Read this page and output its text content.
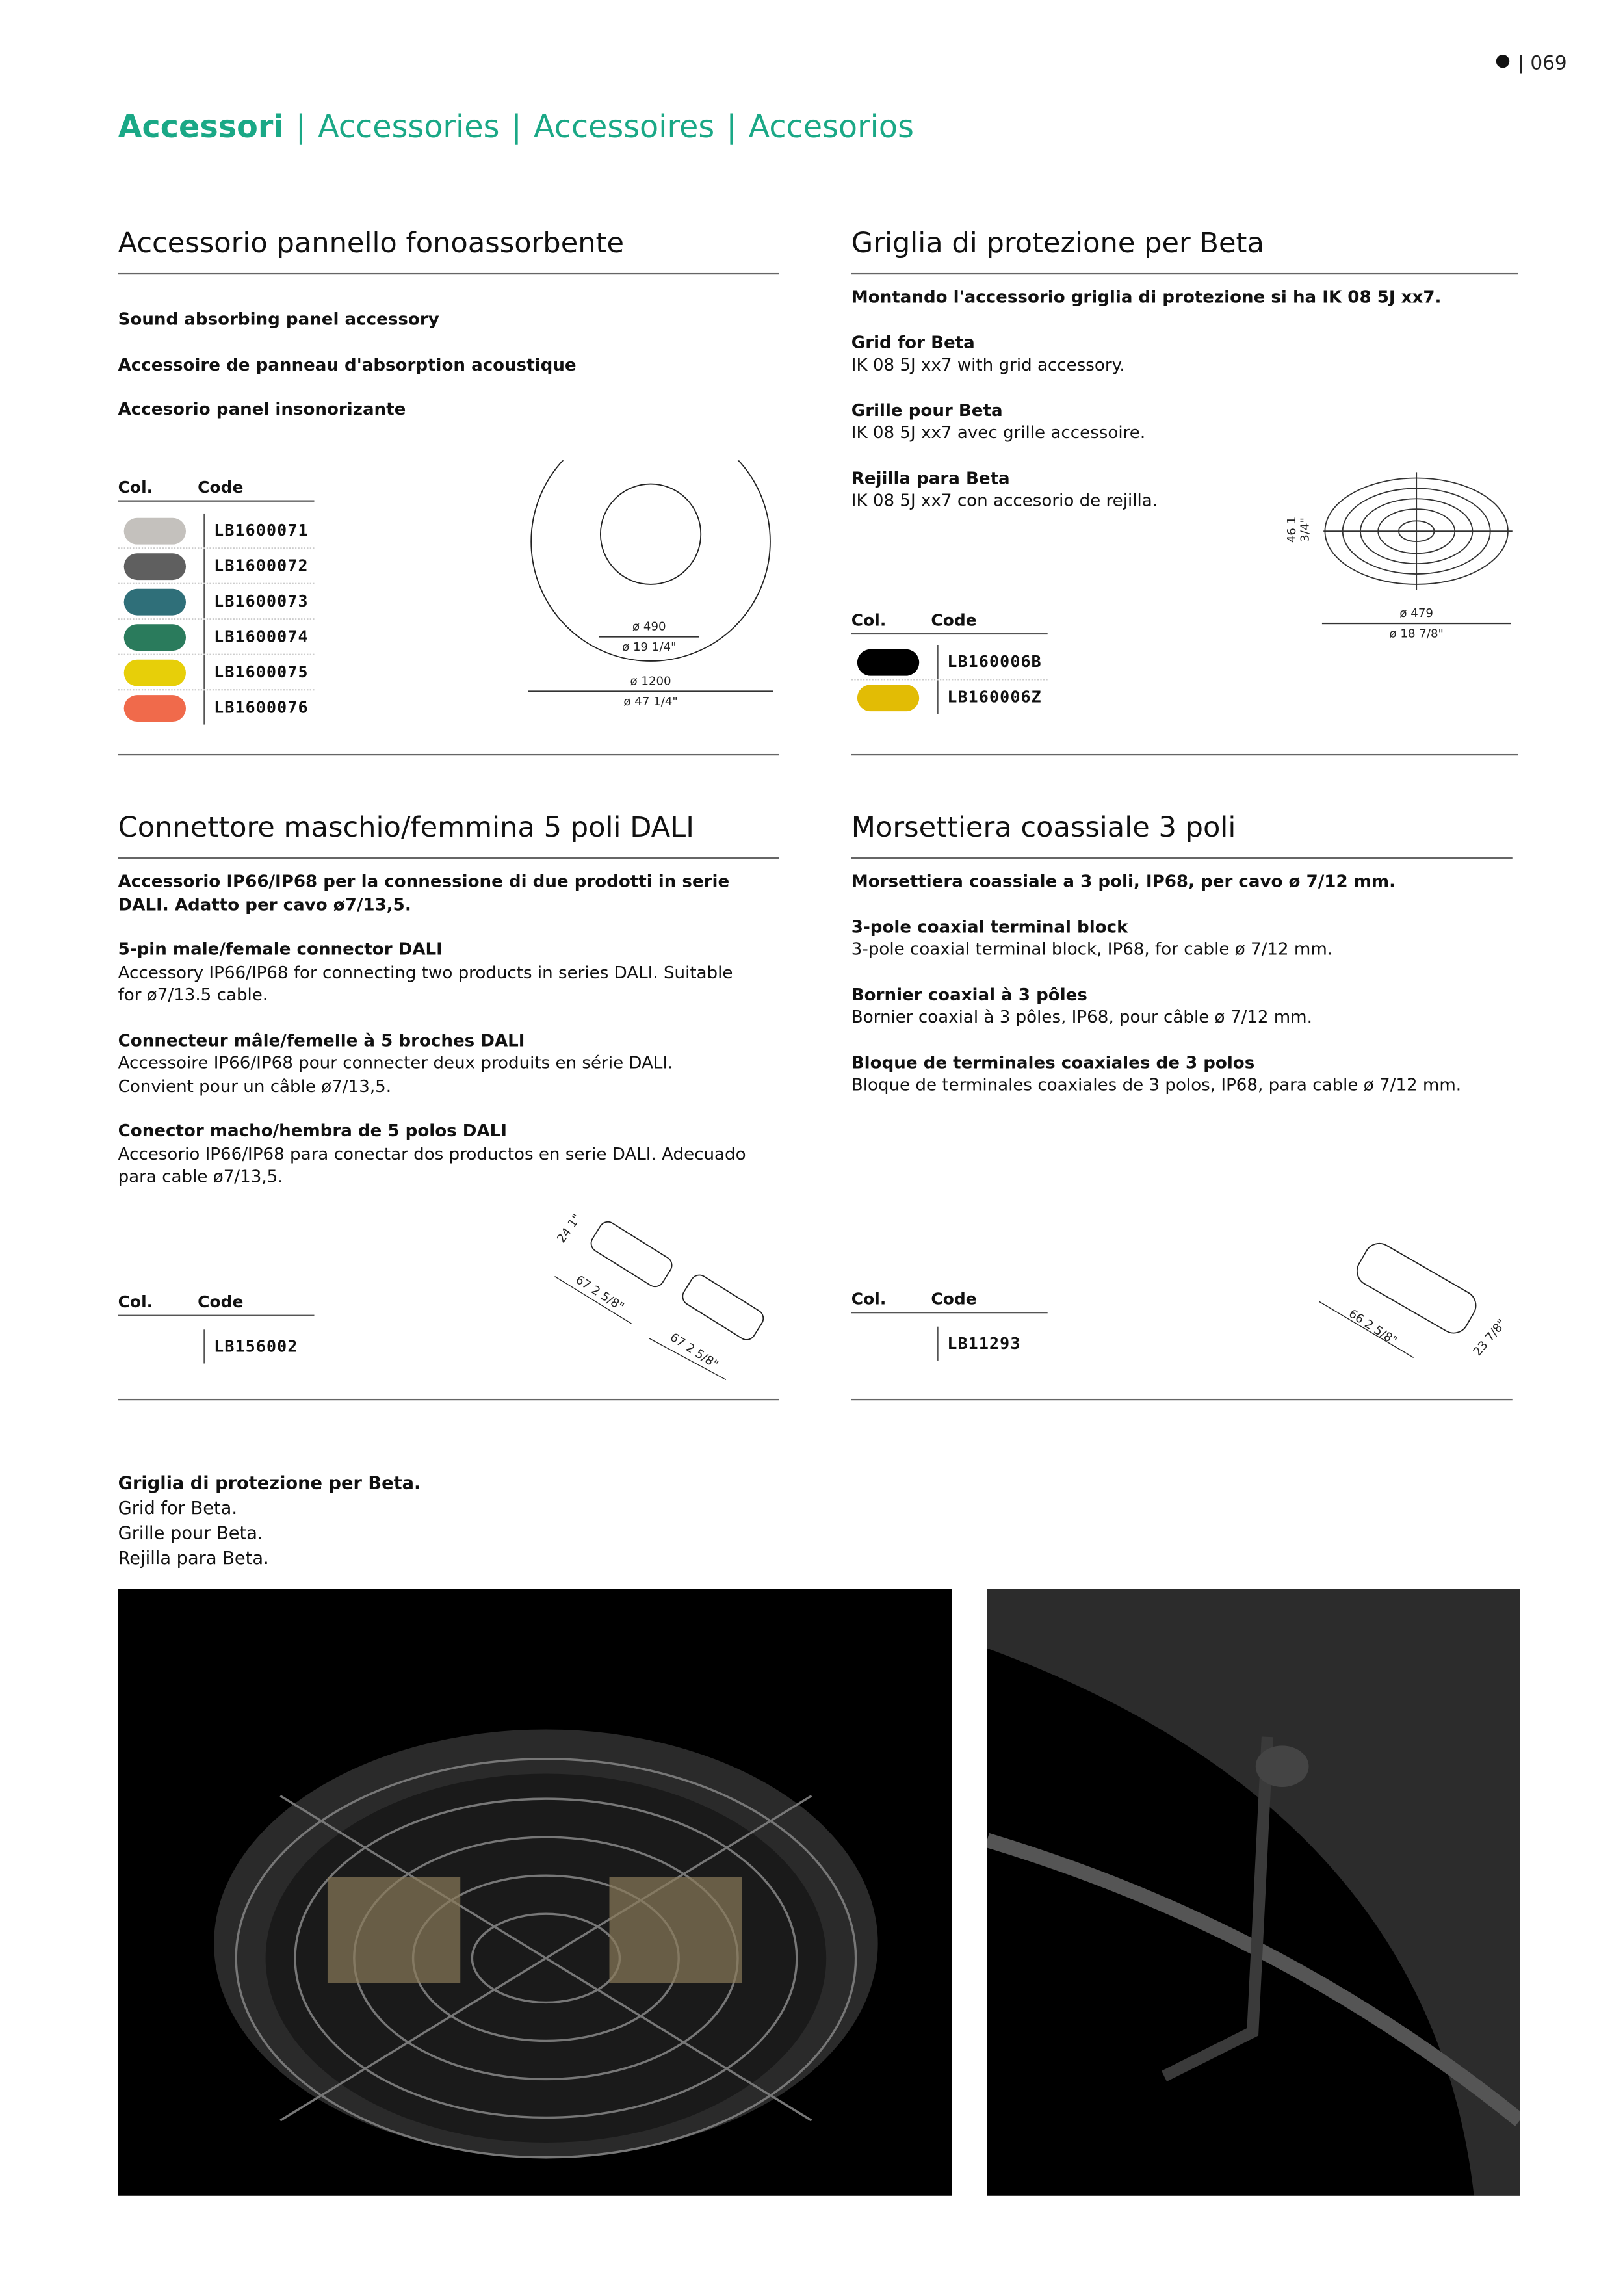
| 069
Accessori | Accessories | Accessoires | Accesorios
Accessorio pannello fonoassorbente

Sound absorbing panel accessory

Accessoire de panneau d'absorption acoustique

Accesorio panel insonorizante

Col.	Code
LB1600071
LB1600072
LB1600073
LB1600074
LB1600075
LB1600076
ø 490
ø 19 1/4"
ø 1200
ø 47 1/4"
Griglia di protezione per Beta

Montando l'accessorio griglia di protezione si ha IK 08 5J xx7.

Grid for Beta
IK 08 5J xx7 with grid accessory.

Grille pour Beta
IK 08 5J xx7 avec grille accessoire.

Rejilla para Beta
IK 08 5J xx7 con accesorio de rejilla.

Col.	Code
LB160006B
LB160006Z
46 1 3/4"
ø 479
ø 18 7/8"
Connettore maschio/femmina 5 poli DALI

Accessorio IP66/IP68 per la connessione di due prodotti in serie DALI. Adatto per cavo ø7/13,5.

5-pin male/female connector DALI
Accessory IP66/IP68 for connecting two products in series DALI. Suitable for ø7/13.5 cable.

Connecteur mâle/femelle à 5 broches DALI
Accessoire IP66/IP68 pour connecter deux produits en série DALI. Convient pour un câble ø7/13,5.

Conector macho/hembra de 5 polos DALI
Accesorio IP66/IP68 para conectar dos productos en serie DALI. Adecuado para cable ø7/13,5.

Col.	Code
LB156002
24 1"
67 2 5/8"
67 2 5/8"
Morsettiera coassiale 3 poli

Morsettiera coassiale a 3 poli, IP68, per cavo ø 7/12 mm.

3-pole coaxial terminal block
3-pole coaxial terminal block, IP68, for cable ø 7/12 mm.

Bornier coaxial à 3 pôles
Bornier coaxial à 3 pôles, IP68, pour câble ø 7/12 mm.

Bloque de terminales coaxiales de 3 polos
Bloque de terminales coaxiales de 3 polos, IP68, para cable ø 7/12 mm.

Col.	Code
LB11293
66 2 5/8"
23 7/8"
Griglia di protezione per Beta.
Grid for Beta.
Grille pour Beta.
Rejilla para Beta.
